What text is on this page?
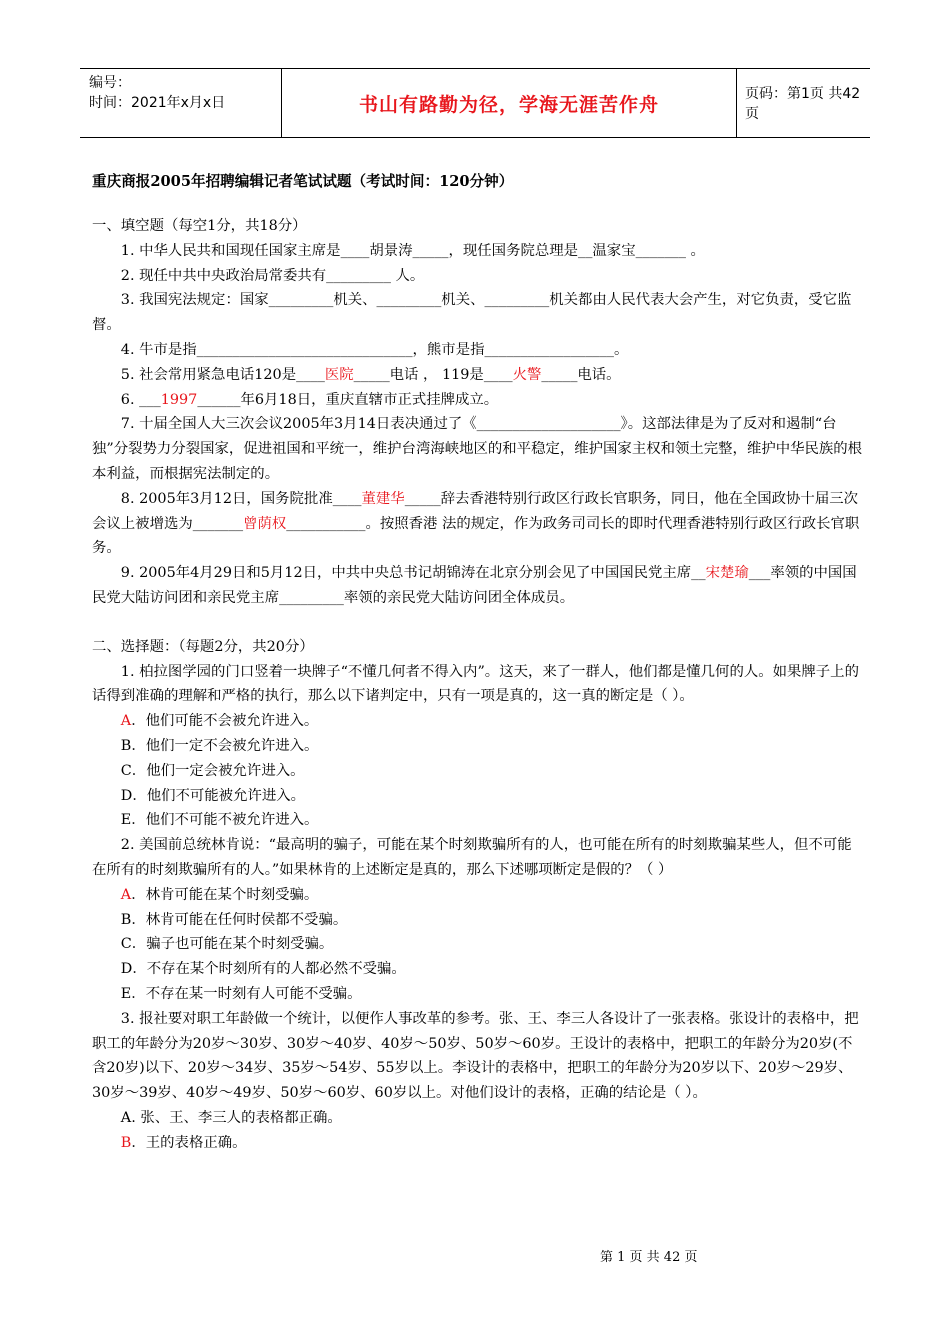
编号：
时间：2021年x月x日	书山有路勤为径，学海无涯苦作舟	页码：第1页 共42页

重庆商报2005年招聘编辑记者笔试试题（考试时间：120分钟）

一、填空题（每空1分，共18分）

1. 中华人民共和国现任国家主席是____胡景涛_____，现任国务院总理是__温家宝_______ 。

2. 现任中共中央政治局常委共有_________ 人。

3. 我国宪法规定：国家_________机关、_________机关、_________机关都由人民代表大会产生，对它负责，受它监督。

4. 牛市是指______________________________，熊市是指__________________。

5. 社会常用紧急电话120是____医院_____电话 ， 119是____火警_____电话。

6. ___1997______年6月18日，重庆直辖市正式挂牌成立。

7. 十届全国人大三次会议2005年3月14日表决通过了《____________________》。这部法律是为了反对和遏制“台独”分裂势力分裂国家，促进祖国和平统一，维护台湾海峡地区的和平稳定，维护国家主权和领土完整，维护中华民族的根本利益，而根据宪法制定的。

8. 2005年3月12日，国务院批准____董建华_____辞去香港特别行政区行政长官职务，同日，他在全国政协十届三次会议上被增选为_______曾荫权___________。按照香港 法的规定，作为政务司司长的即时代理香港特别行政区行政长官职务。

9. 2005年4月29日和5月12日，中共中央总书记胡锦涛在北京分别会见了中国国民党主席__宋楚瑜___率领的中国国民党大陆访问团和亲民党主席_________率领的亲民党大陆访问团全体成员。

二、选择题：（每题2分，共20分）

1. 柏拉图学园的门口竖着一块牌子“不懂几何者不得入内”。这天，来了一群人，他们都是懂几何的人。如果牌子上的话得到准确的理解和严格的执行，那么以下诸判定中，只有一项是真的，这一真的断定是（ ）。

A．他们可能不会被允许进入。

B．他们一定不会被允许进入。

C．他们一定会被允许进入。

D．他们不可能被允许进入。

E．他们不可能不被允许进入。

2. 美国前总统林肯说：“最高明的骗子，可能在某个时刻欺骗所有的人，也可能在所有的时刻欺骗某些人，但不可能在所有的时刻欺骗所有的人。”如果林肯的上述断定是真的，那么下述哪项断定是假的？（ ）

A．林肯可能在某个时刻受骗。

B．林肯可能在任何时侯都不受骗。

C．骗子也可能在某个时刻受骗。

D．不存在某个时刻所有的人都必然不受骗。

E．不存在某一时刻有人可能不受骗。

3. 报社要对职工年龄做一个统计，以便作人事改革的参考。张、王、李三人各设计了一张表格。张设计的表格中，把职工的年龄分为20岁～30岁、30岁～40岁、40岁～50岁、50岁～60岁。王设计的表格中，把职工的年龄分为20岁(不含20岁)以下、20岁～34岁、35岁～54岁、55岁以上。李设计的表格中，把职工的年龄分为20岁以下、20岁～29岁、30岁～39岁、40岁～49岁、50岁～60岁、60岁以上。对他们设计的表格，正确的结论是（ ）。

A. 张、王、李三人的表格都正确。

B．王的表格正确。

第 1 页 共 42 页
